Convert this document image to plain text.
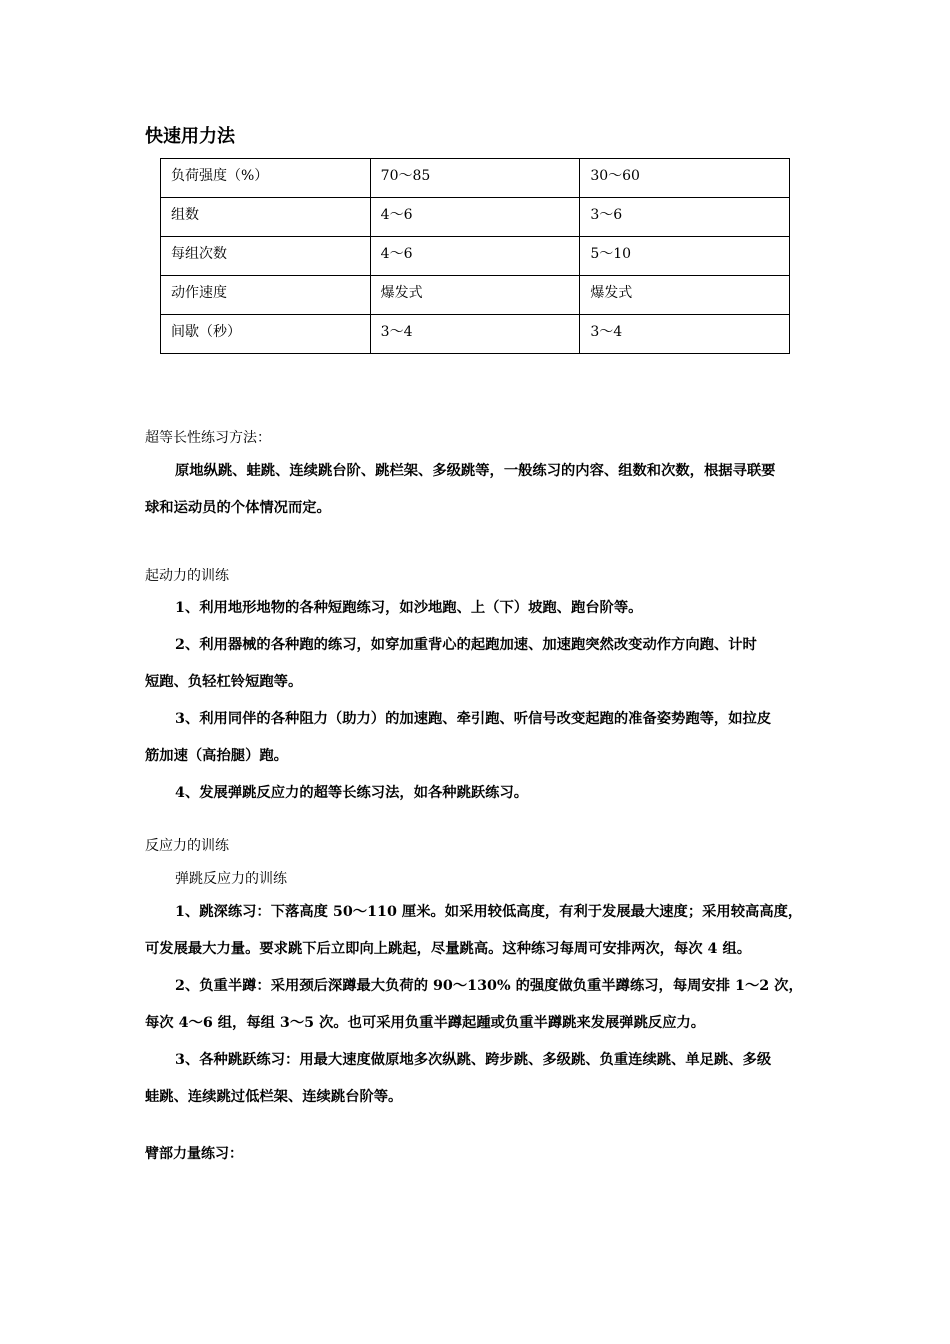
快速用力法
负荷强度（%）	70～85	30～60
组数	4～6	3～6
每组次数	4～6	5～10
动作速度	爆发式	爆发式
间歇（秒）	3～4	3～4
超等长性练习方法：
原地纵跳、蛙跳、连续跳台阶、跳栏架、多级跳等，一般练习的内容、组数和次数，根据寻联要
球和运动员的个体情况而定。
起动力的训练
1、利用地形地物的各种短跑练习，如沙地跑、上（下）坡跑、跑台阶等。
2、利用器械的各种跑的练习，如穿加重背心的起跑加速、加速跑突然改变动作方向跑、计时
短跑、负轻杠铃短跑等。
3、利用同伴的各种阻力（助力）的加速跑、牵引跑、听信号改变起跑的准备姿势跑等，如拉皮
筋加速（高抬腿）跑。
4、发展弹跳反应力的超等长练习法，如各种跳跃练习。
反应力的训练
弹跳反应力的训练
1、跳深练习：下落高度 50～110 厘米。如采用较低高度，有利于发展最大速度；采用较高高度，
可发展最大力量。要求跳下后立即向上跳起，尽量跳高。这种练习每周可安排两次，每次 4 组。
2、负重半蹲：采用颈后深蹲最大负荷的 90～130% 的强度做负重半蹲练习，每周安排 1～2 次，
每次 4～6 组，每组 3～5 次。也可采用负重半蹲起踵或负重半蹲跳来发展弹跳反应力。
3、各种跳跃练习：用最大速度做原地多次纵跳、跨步跳、多级跳、负重连续跳、单足跳、多级
蛙跳、连续跳过低栏架、连续跳台阶等。
臂部力量练习：
